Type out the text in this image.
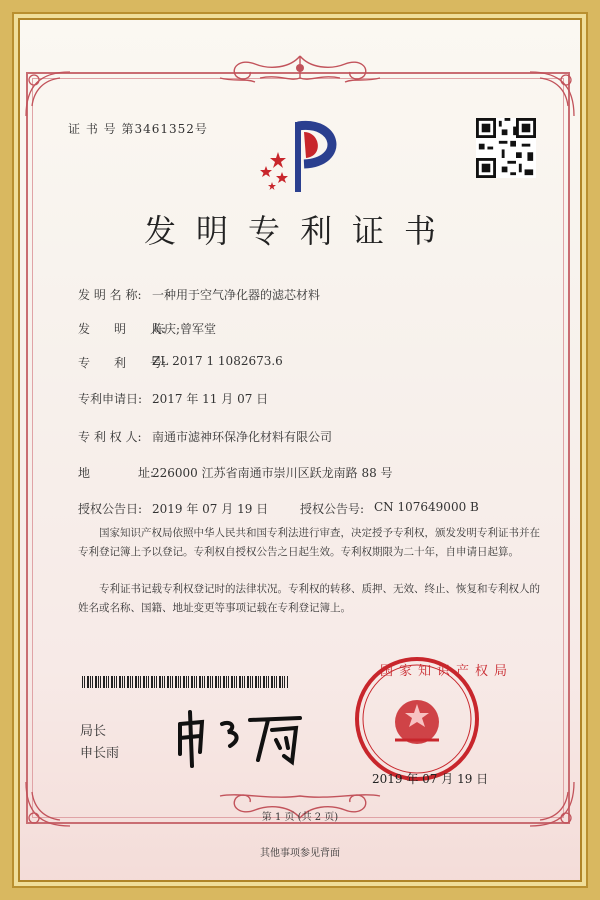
证 书 号 第3461352号
发明专利证书
发 明 名 称: 一种用于空气净化器的滤芯材料
发　　明　　人:
陈庆;曾军堂
专　　利　　号:
ZL 2017 1 1082673.6
专利申请日: 2017 年 11 月 07 日
专 利 权 人: 南通市滤神环保净化材料有限公司
地　　　　址:
226000 江苏省南通市崇川区跃龙南路 88 号
授权公告日: 2019 年 07 月 19 日	授权公告号: CN 107649000 B
国家知识产权局依照中华人民共和国专利法进行审查，决定授予专利权，颁发发明专利证书并在专利登记簿上予以登记。专利权自授权公告之日起生效。专利权期限为二十年，自申请日起算。
专利证书记载专利权登记时的法律状况。专利权的转移、质押、无效、终止、恢复和专利权人的姓名或名称、国籍、地址变更等事项记载在专利登记簿上。
局长
申长雨
国家知识产权局
2019 年 07 月 19 日
第 1 页 (共 2 页)
其他事项参见背面
